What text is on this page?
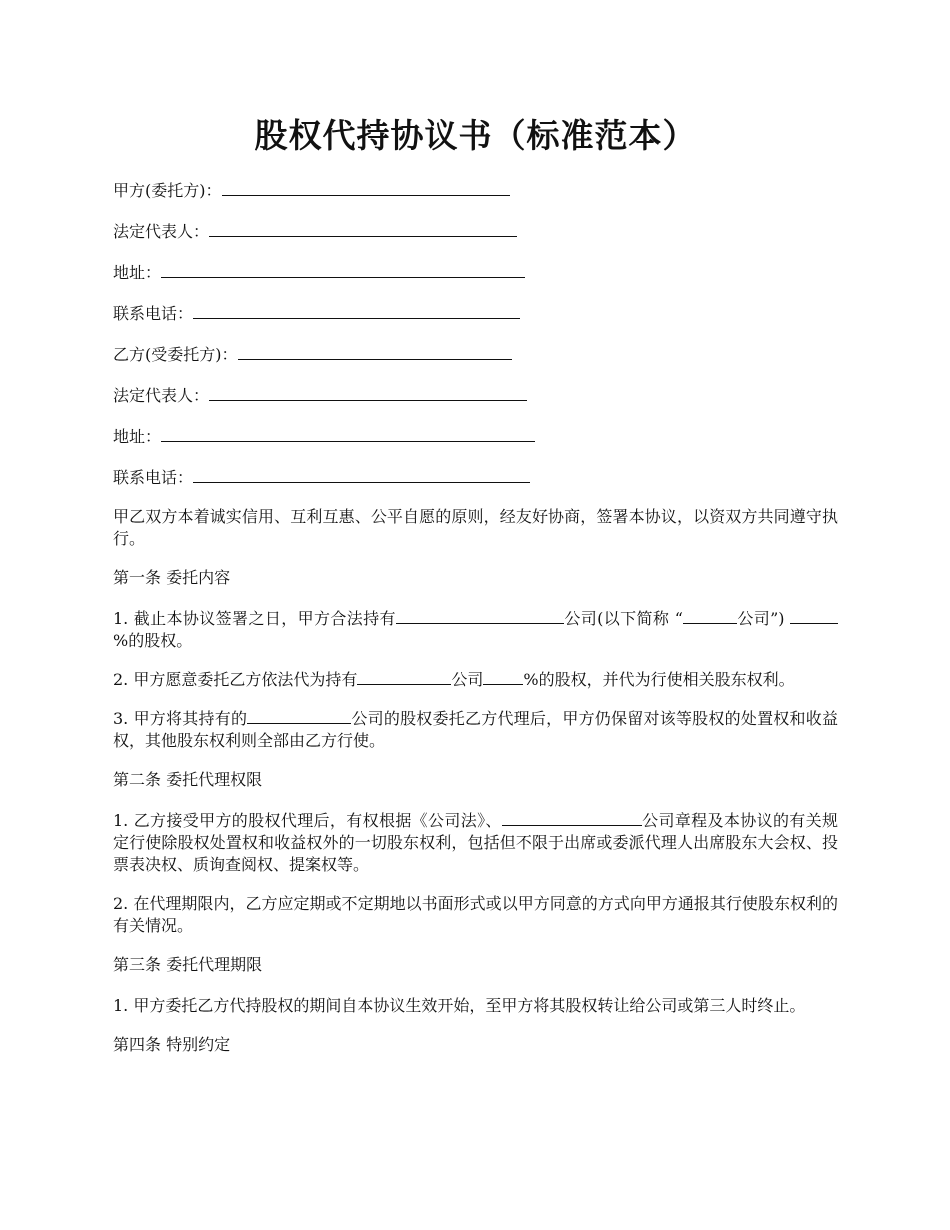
股权代持协议书（标准范本）
甲方(委托方)：
法定代表人：
地址：
联系电话：
乙方(受委托方)：
法定代表人：
地址：
联系电话：

甲乙双方本着诚实信用、互利互惠、公平自愿的原则，经友好协商，签署本协议，以资双方共同遵守执行。

第一条 委托内容

1. 截止本协议签署之日，甲方合法持有	公司(以下简称 “	公司”) %的股权。

2. 甲方愿意委托乙方依法代为持有	公司	%的股权，并代为行使相关股东权利。

3. 甲方将其持有的	公司的股权委托乙方代理后，甲方仍保留对该等股权的处置权和收益权，其他股东权利则全部由乙方行使。

第二条 委托代理权限

1. 乙方接受甲方的股权代理后，有权根据《公司法》、	公司章程及本协议的有关规定行使除股权处置权和收益权外的一切股东权利，包括但不限于出席或委派代理人出席股东大会权、投票表决权、质询查阅权、提案权等。

2. 在代理期限内，乙方应定期或不定期地以书面形式或以甲方同意的方式向甲方通报其行使股东权利的有关情况。

第三条 委托代理期限

1. 甲方委托乙方代持股权的期间自本协议生效开始，至甲方将其股权转让给公司或第三人时终止。

第四条 特别约定
